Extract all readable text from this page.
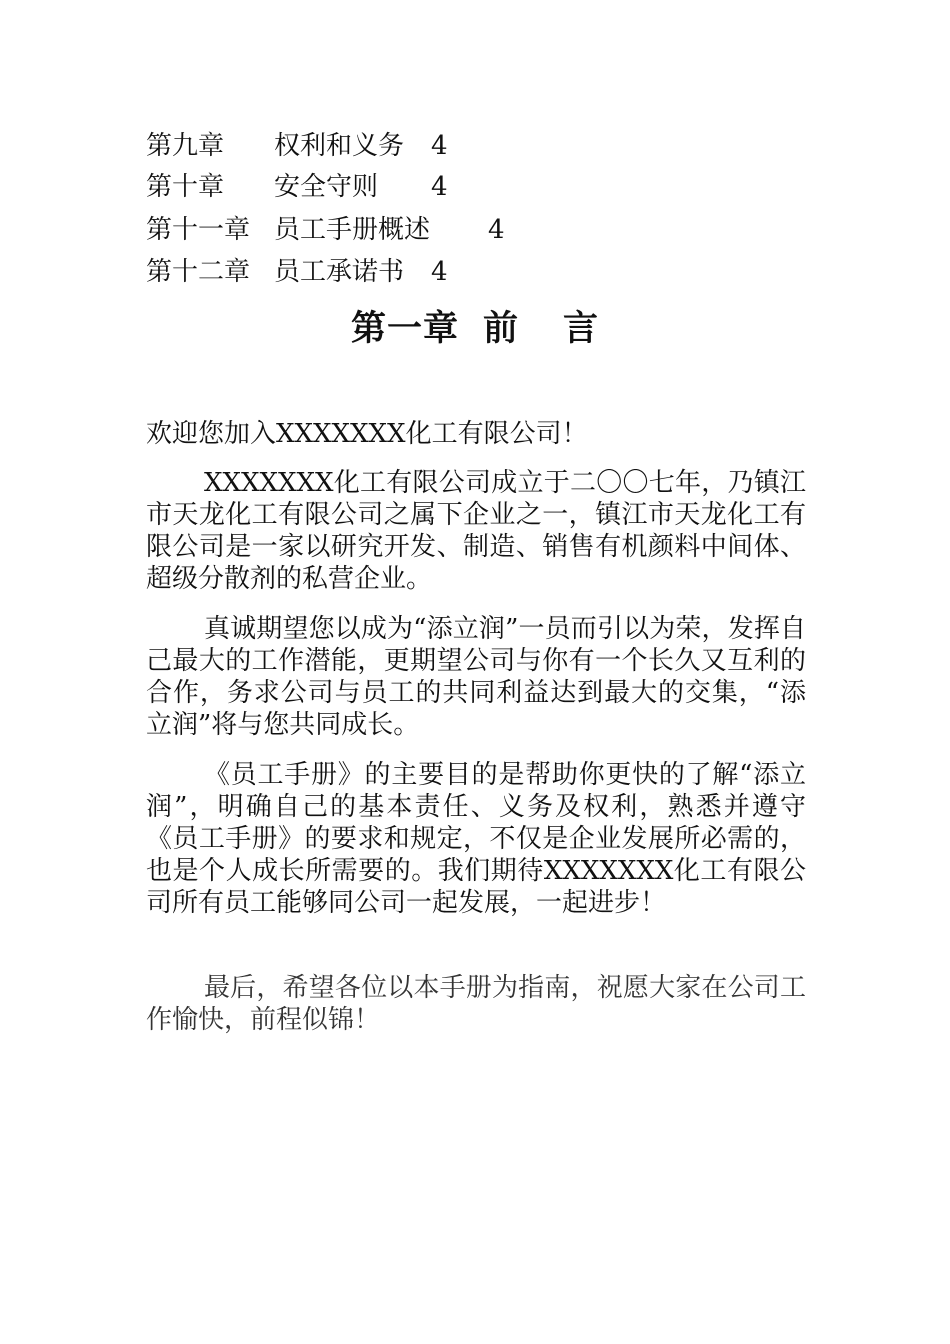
第九章 权利和义务 4
第十章 安全守则 4
第十一章 员工手册概述 4
第十二章 员工承诺书 4
第一章 前 言

欢迎您加入XXXXXXX化工有限公司！

XXXXXXX化工有限公司成立于二〇〇七年，乃镇江市天龙化工有限公司之属下企业之一，镇江市天龙化工有限公司是一家以研究开发、制造、销售有机颜料中间体、超级分散剂的私营企业。

真诚期望您以成为“添立润”一员而引以为荣，发挥自己最大的工作潜能，更期望公司与你有一个长久又互利的合作，务求公司与员工的共同利益达到最大的交集，“添立润”将与您共同成长。

《员工手册》的主要目的是帮助你更快的了解“添立润”，明确自己的基本责任、义务及权利，熟悉并遵守《员工手册》的要求和规定，不仅是企业发展所必需的，也是个人成长所需要的。我们期待XXXXXXX化工有限公司所有员工能够同公司一起发展，一起进步！

最后，希望各位以本手册为指南，祝愿大家在公司工作愉快，前程似锦！
